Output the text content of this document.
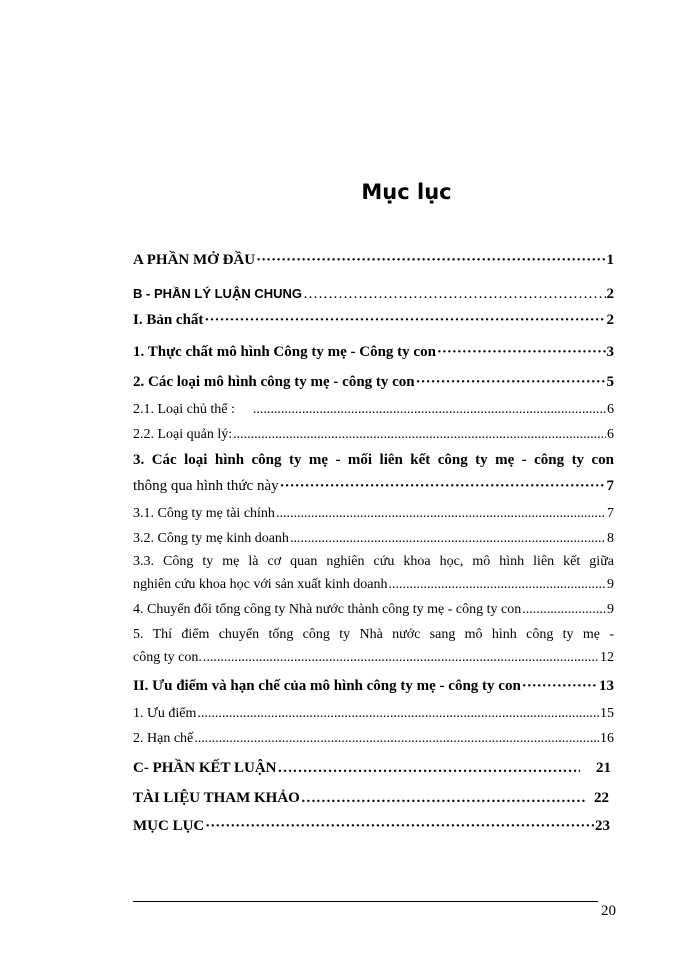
Mục lục
A PHẦN MỞ ĐẦU ·····	1
B - PHẦN LÝ LUẬN CHUNG …………………………………………………………………………………………………………………………	2
I. Bản chất ·····	2
1. Thực chất mô hình Công ty mẹ - Công ty con ·····	3
2. Các loại mô hình công ty mẹ - công ty con ·····	5
2.1. Loại chủ thể : .....	6
2.2. Loại quản lý: .....	6
3. Các loại hình công ty mẹ - mối liên kết công ty mẹ - công ty con
thông qua hình thức này ·····	7
3.1. Công ty mẹ tài chính .....	7
3.2. Công ty mẹ kinh doanh .....	8
3.3. Công ty mẹ là cơ quan nghiên cứu khoa học, mô hình liên kết giữa
nghiên cứu khoa học với sản xuất kinh doanh .....	9
4. Chuyển đổi tổng công ty Nhà nước thành công ty mẹ - công ty con .....	9
5. Thí điểm chuyển tổng công ty Nhà nước sang mô hình công ty mẹ -
công ty con. .....	12
II. Ưu điểm và hạn chế của mô hình công ty mẹ - công ty con ·····	13
1. Ưu điểm .....	15
2. Hạn chế .....	16
C- PHẦN KẾT LUẬN …………………………………………………………………………………………………………………………	21
TÀI LIỆU THAM KHẢO …………………………………………………………………………………………………………………………	22
MỤC LỤC ·····	23
20
